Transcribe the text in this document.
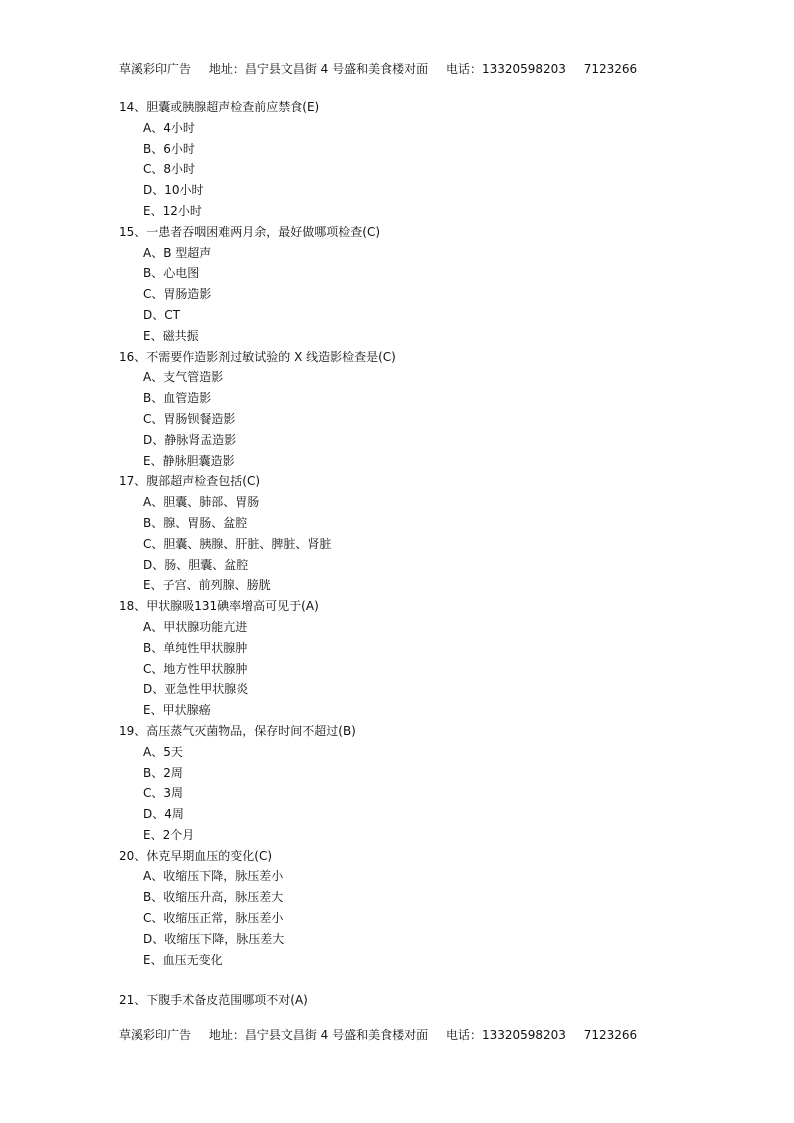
草溪彩印广告 地址：昌宁县文昌街 4 号盛和美食楼对面 电话：13320598203 7123266
14、胆囊或胰腺超声检查前应禁食(E)
A、4小时
B、6小时
C、8小时
D、10小时
E、12小时
15、一患者吞咽困难两月余，最好做哪项检查(C)
A、B 型超声
B、心电图
C、胃肠造影
D、CT
E、磁共振
16、不需要作造影剂过敏试验的 X 线造影检查是(C)
A、支气管造影
B、血管造影
C、胃肠钡餐造影
D、静脉肾盂造影
E、静脉胆囊造影
17、腹部超声检查包括(C)
A、胆囊、肺部、胃肠
B、腺、胃肠、盆腔
C、胆囊、胰腺、肝脏、脾脏、肾脏
D、肠、胆囊、盆腔
E、子宫、前列腺、膀胱
18、甲状腺吸131碘率增高可见于(A)
A、甲状腺功能亢进
B、单纯性甲状腺肿
C、地方性甲状腺肿
D、亚急性甲状腺炎
E、甲状腺癌
19、高压蒸气灭菌物品，保存时间不超过(B)
A、5天
B、2周
C、3周
D、4周
E、2个月
20、休克早期血压的变化(C)
A、收缩压下降，脉压差小
B、收缩压升高，脉压差大
C、收缩压正常，脉压差小
D、收缩压下降，脉压差大
E、血压无变化
21、下腹手术备皮范围哪项不对(A)
草溪彩印广告 地址：昌宁县文昌街 4 号盛和美食楼对面 电话：13320598203 7123266
